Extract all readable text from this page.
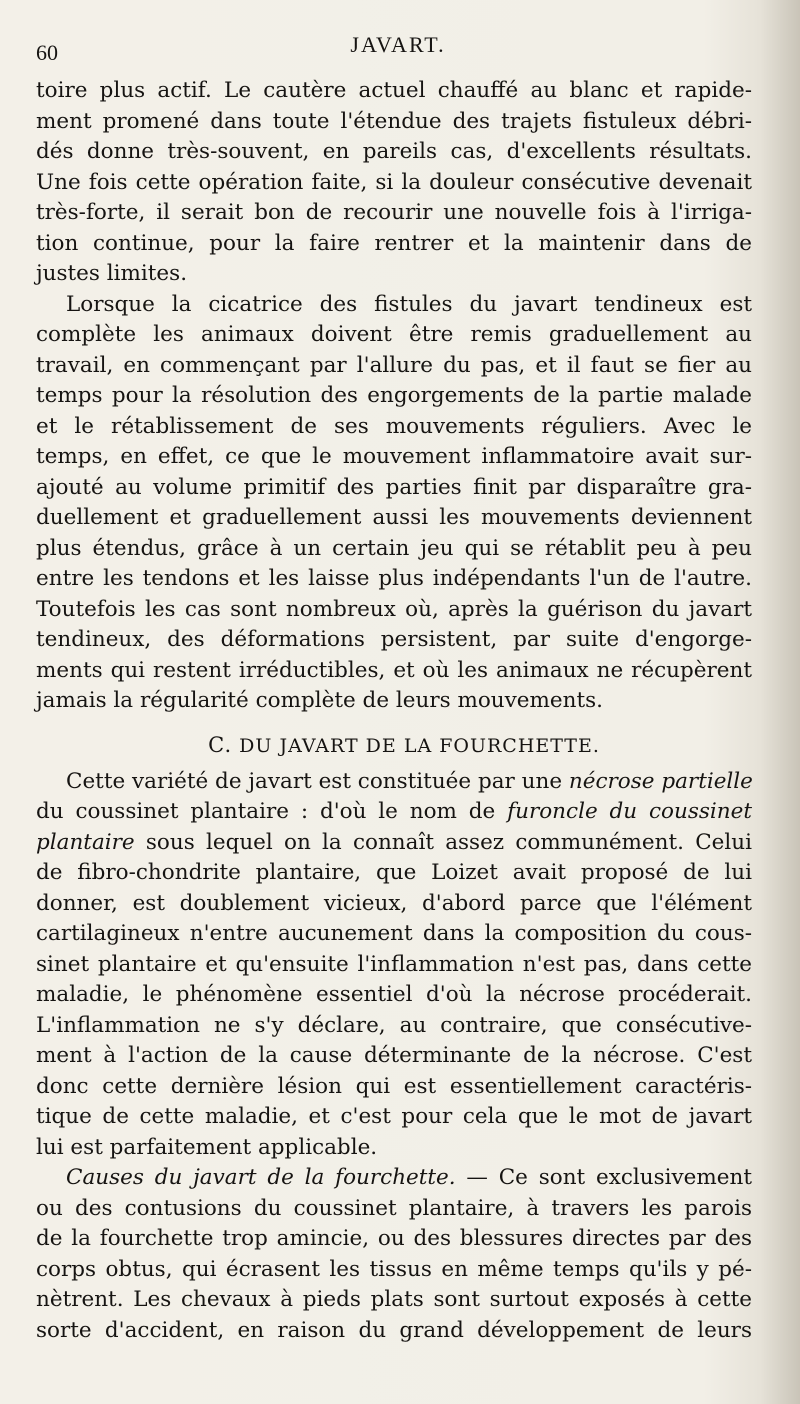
60	JAVART.
toire plus actif. Le cautère actuel chauffé au blanc et rapide-
ment promené dans toute l'étendue des trajets fistuleux débri-
dés donne très-souvent, en pareils cas, d'excellents résultats.
Une fois cette opération faite, si la douleur consécutive devenait
très-forte, il serait bon de recourir une nouvelle fois à l'irriga-
tion continue, pour la faire rentrer et la maintenir dans de
justes limites.
Lorsque la cicatrice des fistules du javart tendineux est
complète les animaux doivent être remis graduellement au
travail, en commençant par l'allure du pas, et il faut se fier au
temps pour la résolution des engorgements de la partie malade
et le rétablissement de ses mouvements réguliers. Avec le
temps, en effet, ce que le mouvement inflammatoire avait sur-
ajouté au volume primitif des parties finit par disparaître gra-
duellement et graduellement aussi les mouvements deviennent
plus étendus, grâce à un certain jeu qui se rétablit peu à peu
entre les tendons et les laisse plus indépendants l'un de l'autre.
Toutefois les cas sont nombreux où, après la guérison du javart
tendineux, des déformations persistent, par suite d'engorge-
ments qui restent irréductibles, et où les animaux ne récupèrent
jamais la régularité complète de leurs mouvements.
C. DU JAVART DE LA FOURCHETTE.
Cette variété de javart est constituée par une nécrose partielle
du coussinet plantaire : d'où le nom de furoncle du coussinet
plantaire sous lequel on la connaît assez communément. Celui
de fibro-chondrite plantaire, que Loizet avait proposé de lui
donner, est doublement vicieux, d'abord parce que l'élément
cartilagineux n'entre aucunement dans la composition du cous-
sinet plantaire et qu'ensuite l'inflammation n'est pas, dans cette
maladie, le phénomène essentiel d'où la nécrose procéderait.
L'inflammation ne s'y déclare, au contraire, que consécutive-
ment à l'action de la cause déterminante de la nécrose. C'est
donc cette dernière lésion qui est essentiellement caractéris-
tique de cette maladie, et c'est pour cela que le mot de javart
lui est parfaitement applicable.
Causes du javart de la fourchette. — Ce sont exclusivement
ou des contusions du coussinet plantaire, à travers les parois
de la fourchette trop amincie, ou des blessures directes par des
corps obtus, qui écrasent les tissus en même temps qu'ils y pé-
nètrent. Les chevaux à pieds plats sont surtout exposés à cette
sorte d'accident, en raison du grand développement de leurs
